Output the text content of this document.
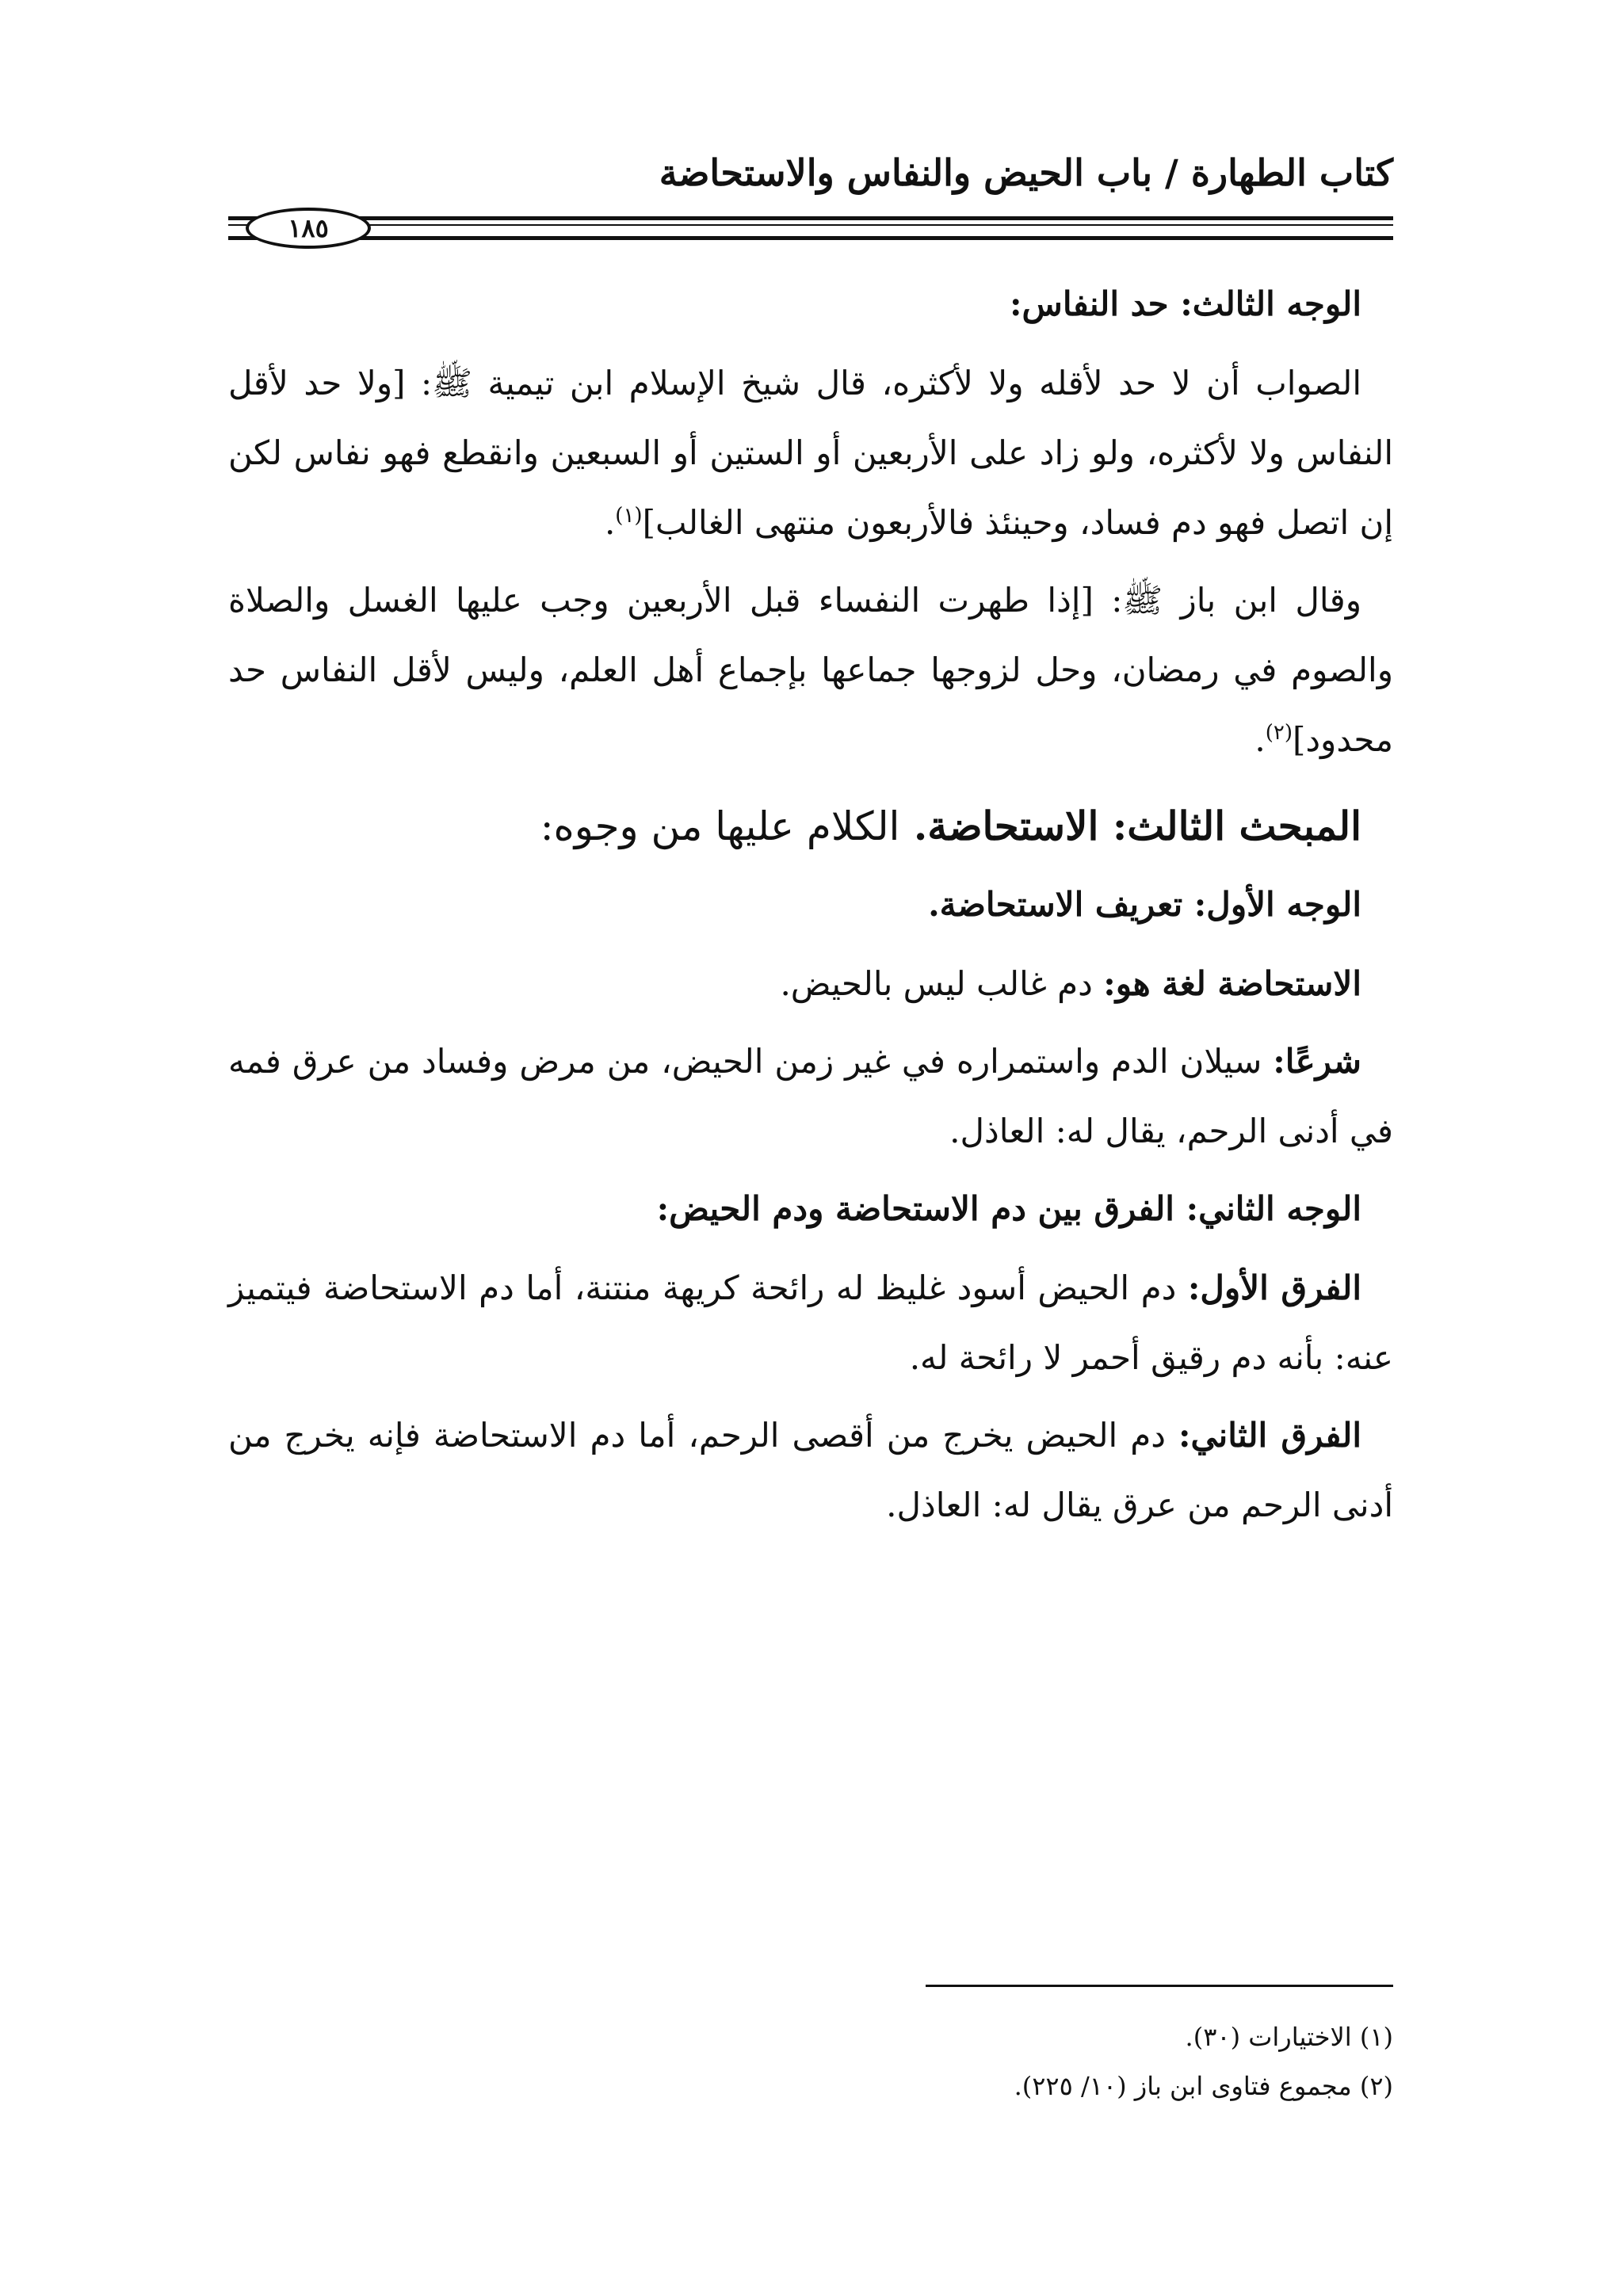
كتاب الطهارة / باب الحيض والنفاس والاستحاضة
١٨٥

الوجه الثالث: حد النفاس:

الصواب أن لا حد لأقله ولا لأكثره، قال شيخ الإسلام ابن تيمية ﷺ: [ولا حد لأقل النفاس ولا لأكثره، ولو زاد على الأربعين أو الستين أو السبعين وانقطع فهو نفاس لكن إن اتصل فهو دم فساد، وحينئذ فالأربعون منتهى الغالب]$^{(١)}$.

وقال ابن باز ﷺ: [إذا طهرت النفساء قبل الأربعين وجب عليها الغسل والصلاة والصوم في رمضان، وحل لزوجها جماعها بإجماع أهل العلم، وليس لأقل النفاس حد محدود]$^{(٢)}$.

المبحث الثالث: الاستحاضة. الكلام عليها من وجوه:

الوجه الأول: تعريف الاستحاضة.

الاستحاضة لغة هو: دم غالب ليس بالحيض.

شرعًا: سيلان الدم واستمراره في غير زمن الحيض، من مرض وفساد من عرق فمه في أدنى الرحم، يقال له: العاذل.

الوجه الثاني: الفرق بين دم الاستحاضة ودم الحيض:

الفرق الأول: دم الحيض أسود غليظ له رائحة كريهة منتنة، أما دم الاستحاضة فيتميز عنه: بأنه دم رقيق أحمر لا رائحة له.

الفرق الثاني: دم الحيض يخرج من أقصى الرحم، أما دم الاستحاضة فإنه يخرج من أدنى الرحم من عرق يقال له: العاذل.

(١) الاختيارات (٣٠).

(٢) مجموع فتاوى ابن باز (١٠/ ٢٢٥).
